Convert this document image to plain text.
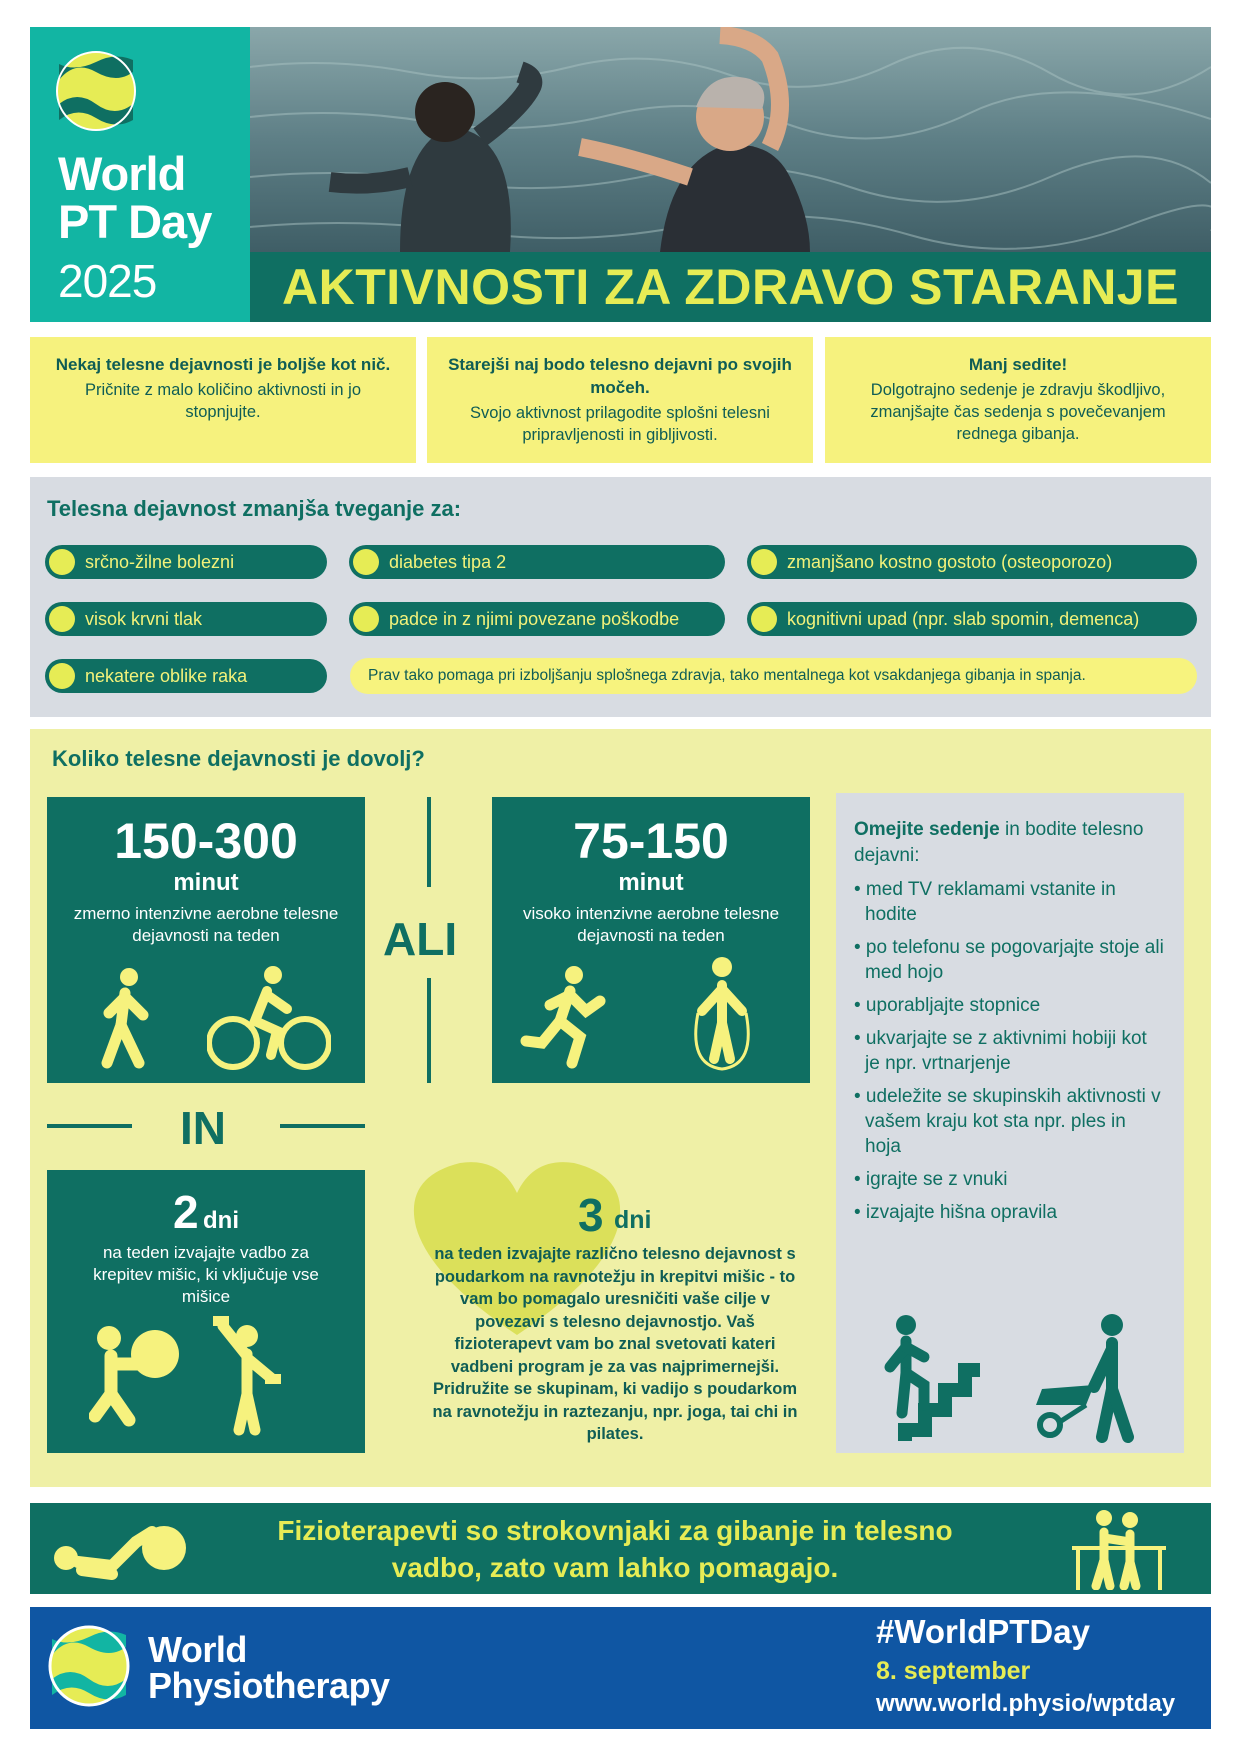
World PT Day
2025	AKTIVNOSTI ZA ZDRAVO STARANJE
Nekaj telesne dejavnosti je boljše kot nič.
Pričnite z malo količino aktivnosti in jo stopnjujte.
Starejši naj bodo telesno dejavni po svojih močeh.
Svojo aktivnost prilagodite splošni telesni pripravljenosti in gibljivosti.
Manj sedite!
Dolgotrajno sedenje je zdravju škodljivo, zmanjšajte čas sedenja s povečevanjem rednega gibanja.
Telesna dejavnost zmanjša tveganje za:
srčno-žilne bolezni	diabetes tipa 2	zmanjšano kostno gostoto (osteoporozo)
visok krvni tlak	padce in z njimi povezane poškodbe	kognitivni upad (npr. slab spomin, demenca)
nekatere oblike raka	Prav tako pomaga pri izboljšanju splošnega zdravja, tako mentalnega kot vsakdanjega gibanja in spanja.
Koliko telesne dejavnosti je dovolj?
150-300
minut
zmerno intenzivne aerobne telesne dejavnosti na teden	ALI
75-150
minut
visoko intenzivne aerobne telesne dejavnosti na teden
IN
2 dni
na teden izvajajte vadbo za krepitev mišic, ki vključuje vse mišice
3 dni
na teden izvajajte različno telesno dejavnost s poudarkom na ravnotežju in krepitvi mišic - to vam bo pomagalo uresničiti vaše cilje v povezavi s telesno dejavnostjo. Vaš fizioterapevt vam bo znal svetovati kateri vadbeni program je za vas najprimernejši. Pridružite se skupinam, ki vadijo s poudarkom na ravnotežju in raztezanju, npr. joga, tai chi in pilates.
Omejite sedenje in bodite telesno dejavni:
• med TV reklamami vstanite in hodite
• po telefonu se pogovarjajte stoje ali med hojo
• uporabljajte stopnice
• ukvarjajte se z aktivnimi hobiji kot je npr. vrtnarjenje
• udeležite se skupinskih aktivnosti v vašem kraju kot sta npr. ples in hoja
• igrajte se z vnuki
• izvajajte hišna opravila
Fizioterapevti so strokovnjaki za gibanje in telesno vadbo, zato vam lahko pomagajo.
World
Physiotherapy
#WorldPTDay
8. september
www.world.physio/wptday
